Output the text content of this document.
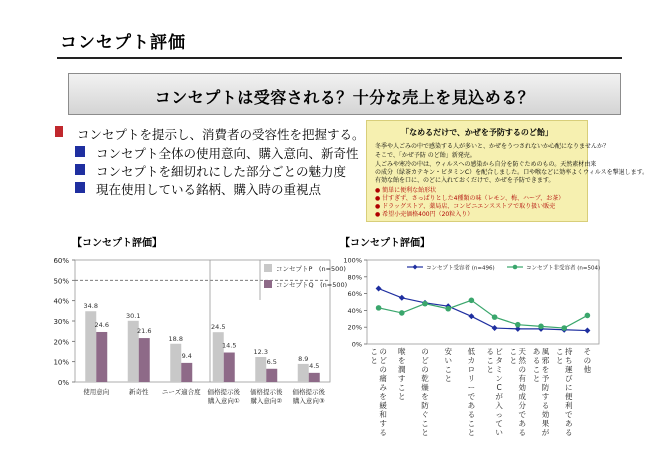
コンセプト評価
コンセプトは受容される？十分な売上を見込める？
コンセプトを提示し、消費者の受容性を把握する。
コンセプト全体の使用意向、購入意向、新奇性
コンセプトを細切れにした部分ごとの魅力度
現在使用している銘柄、購入時の重視点
「なめるだけで、かぜを予防するのど飴」
冬季や人ごみの中で感染する人が多いと、かぜをうつされないか心配になりませんか？
そこで、「かぜ予防 のど飴」新発売。
人ごみや寒冷の中は、ウィルスへの感染から自分を防ぐためのもの。天然素材由来
の成分（緑茶カテキン・ビタミンC）を配合しました。口や喉などに効率よくウィルスを撃退します。
有効な飴を口に、のどに入れておくだけで、かぜを予防できます。
● 簡単に便利な飴形状
● 甘すぎず、さっぱりとした4種類の味（レモン、梅、ハーブ、お茶）
● ドラッグストア、薬局店、コンビニエンスストアで取り扱い販売
● 希望小売価格400円（20粒入り）
【コンセプト評価】	【コンセプト評価】
0%
10%
20%
30%
40%
50%
60%
34.8
24.6
使用意向
30.1
21.6
新奇性
18.8
9.4
ニーズ適合度
24.5
14.5
価格提示後
購入意向①
12.3
6.5
価格提示後
購入意向②
8.9
4.5
価格提示後
購入意向③
コンセプトP　(n=500)
コンセプトQ　(n=500)
0%
20%
40%
60%
80%
100%
コンセプト受容者 (n=496)	コンセプト非受容者 (n=504)
のどの痛みを緩和する
こと
喉を潤すこと
のどの乾燥を防ぐこと
安いこと
低カロリーであること
ビタミン C が入ってい
ること
天然の有効成分である
こと
風邪を予防する効果が
あること
持ち運びに便利である
こと
その他
